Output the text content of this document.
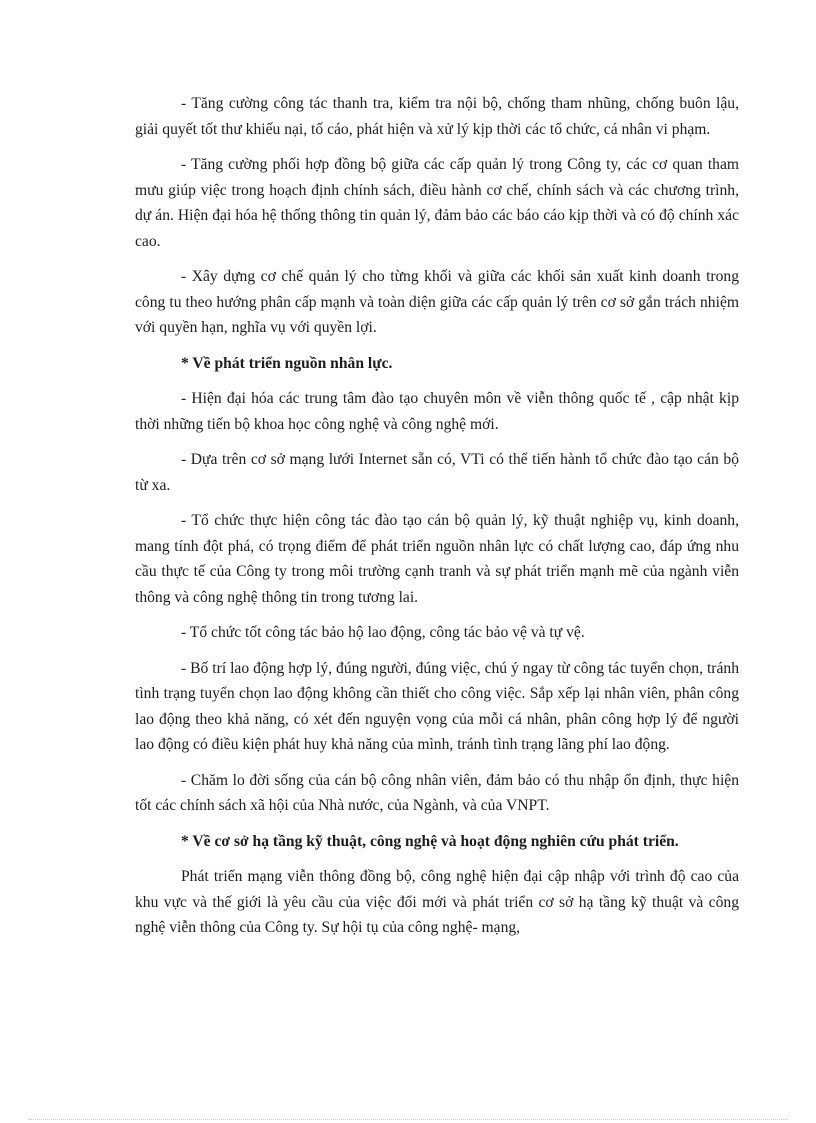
- Tăng cường công tác thanh tra, kiểm tra nội bộ, chống tham nhũng, chống buôn lậu, giải quyết tốt thư khiếu nại, tố cáo, phát hiện và xử lý kịp thời các tổ chức, cá nhân vi phạm.

- Tăng cường phối hợp đồng bộ giữa các cấp quản lý trong Công ty, các cơ quan tham mưu giúp việc trong hoạch định chính sách, điều hành cơ chế, chính sách và các chương trình, dự án. Hiện đại hóa hệ thống thông tin quản lý, đảm bảo các báo cáo kịp thời và có độ chính xác cao.

- Xây dựng cơ chế quản lý cho từng khối và giữa các khối sản xuất kinh doanh trong công tu theo hướng phân cấp mạnh và toàn diện giữa các cấp quản lý trên cơ sở gắn trách nhiệm với quyền hạn, nghĩa vụ với quyền lợi.

* Về phát triển nguồn nhân lực.

- Hiện đại hóa các trung tâm đào tạo chuyên môn về viễn thông quốc tế , cập nhật kịp thời những tiến bộ khoa học công nghệ và công nghệ mới.

- Dựa trên cơ sở mạng lưới Internet sẵn có, VTi có thể tiến hành tổ chức đào tạo cán bộ từ xa.

- Tổ chức thực hiện công tác đào tạo cán bộ quản lý, kỹ thuật nghiệp vụ, kinh doanh, mang tính đột phá, có trọng điểm để phát triển nguồn nhân lực có chất lượng cao, đáp ứng nhu cầu thực tế của Công ty trong môi trường cạnh tranh và sự phát triển mạnh mẽ của ngành viễn thông và công nghệ thông tin trong tương lai.

- Tổ chức tốt công tác bảo hộ lao động, công tác bảo vệ và tự vệ.

- Bố trí lao động hợp lý, đúng người, đúng việc, chú ý ngay từ công tác tuyển chọn, tránh tình trạng tuyển chọn lao động không cần thiết cho công việc. Sắp xếp lại nhân viên, phân công lao động theo khả năng, có xét đến nguyện vọng của mỗi cá nhân, phân công hợp lý để người lao động có điều kiện phát huy khả năng của mình, tránh tình trạng lãng phí lao động.

- Chăm lo đời sống của cán bộ công nhân viên, đảm bảo có thu nhập ổn định, thực hiện tốt các chính sách xã hội của Nhà nước, của Ngành, và của VNPT.

* Về cơ sở hạ tầng kỹ thuật, công nghệ và hoạt động nghiên cứu phát triển.

Phát triển mạng viễn thông đồng bộ, công nghệ hiện đại cập nhập với trình độ cao của khu vực và thế giới là yêu cầu của việc đổi mới và phát triển cơ sở hạ tầng kỹ thuật và công nghệ viễn thông của Công ty. Sự hội tụ của công nghệ- mạng,
